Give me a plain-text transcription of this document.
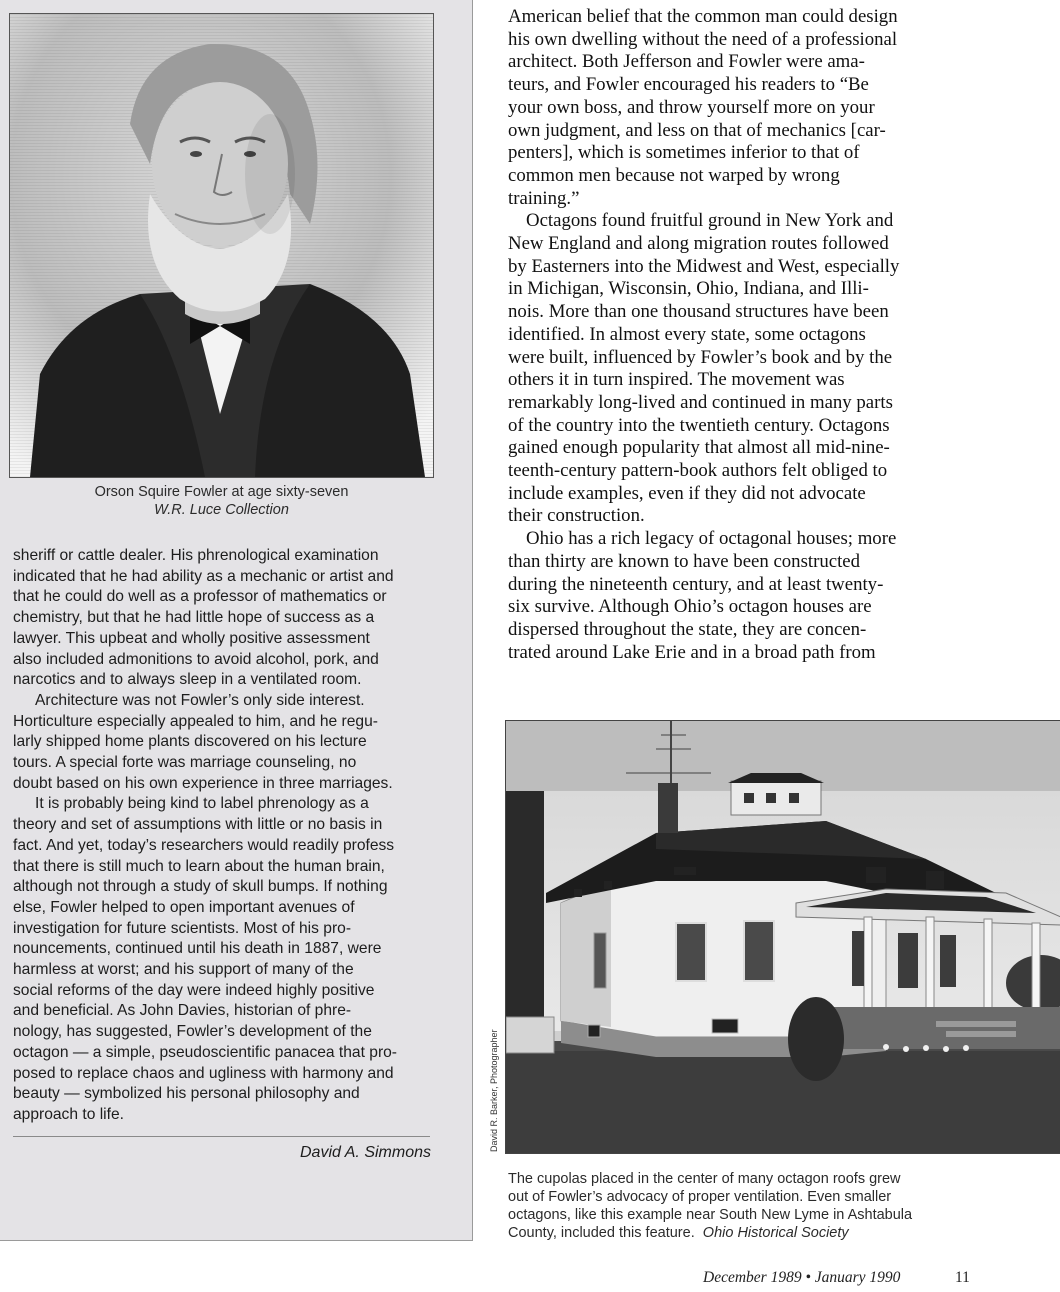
Orson Squire Fowler at age sixty-seven
W.R. Luce Collection
sheriff or cattle dealer. His phrenological examination
indicated that he had ability as a mechanic or artist and
that he could do well as a professor of mathematics or
chemistry, but that he had little hope of success as a
lawyer. This upbeat and wholly positive assessment
also included admonitions to avoid alcohol, pork, and
narcotics and to always sleep in a ventilated room.
Architecture was not Fowler’s only side interest.
Horticulture especially appealed to him, and he regu-
larly shipped home plants discovered on his lecture
tours. A special forte was marriage counseling, no
doubt based on his own experience in three marriages.
It is probably being kind to label phrenology as a
theory and set of assumptions with little or no basis in
fact. And yet, today’s researchers would readily profess
that there is still much to learn about the human brain,
although not through a study of skull bumps. If nothing
else, Fowler helped to open important avenues of
investigation for future scientists. Most of his pro-
nouncements, continued until his death in 1887, were
harmless at worst; and his support of many of the
social reforms of the day were indeed highly positive
and beneficial. As John Davies, historian of phre-
nology, has suggested, Fowler’s development of the
octagon — a simple, pseudoscientific panacea that pro-
posed to replace chaos and ugliness with harmony and
beauty — symbolized his personal philosophy and
approach to life.
David A. Simmons
American belief that the common man could design
his own dwelling without the need of a professional
architect. Both Jefferson and Fowler were ama-
teurs, and Fowler encouraged his readers to “Be
your own boss, and throw yourself more on your
own judgment, and less on that of mechanics [car-
penters], which is sometimes inferior to that of
common men because not warped by wrong
training.”
Octagons found fruitful ground in New York and
New England and along migration routes followed
by Easterners into the Midwest and West, especially
in Michigan, Wisconsin, Ohio, Indiana, and Illi-
nois. More than one thousand structures have been
identified. In almost every state, some octagons
were built, influenced by Fowler’s book and by the
others it in turn inspired. The movement was
remarkably long-lived and continued in many parts
of the country into the twentieth century. Octagons
gained enough popularity that almost all mid-nine-
teenth-century pattern-book authors felt obliged to
include examples, even if they did not advocate
their construction.
Ohio has a rich legacy of octagonal houses; more
than thirty are known to have been constructed
during the nineteenth century, and at least twenty-
six survive. Although Ohio’s octagon houses are
dispersed throughout the state, they are concen-
trated around Lake Erie and in a broad path from
David R. Barker, Photographer
The cupolas placed in the center of many octagon roofs grew
out of Fowler’s advocacy of proper ventilation. Even smaller
octagons, like this example near South New Lyme in Ashtabula
County, included this feature. Ohio Historical Society
December 1989 • January 1990	11
